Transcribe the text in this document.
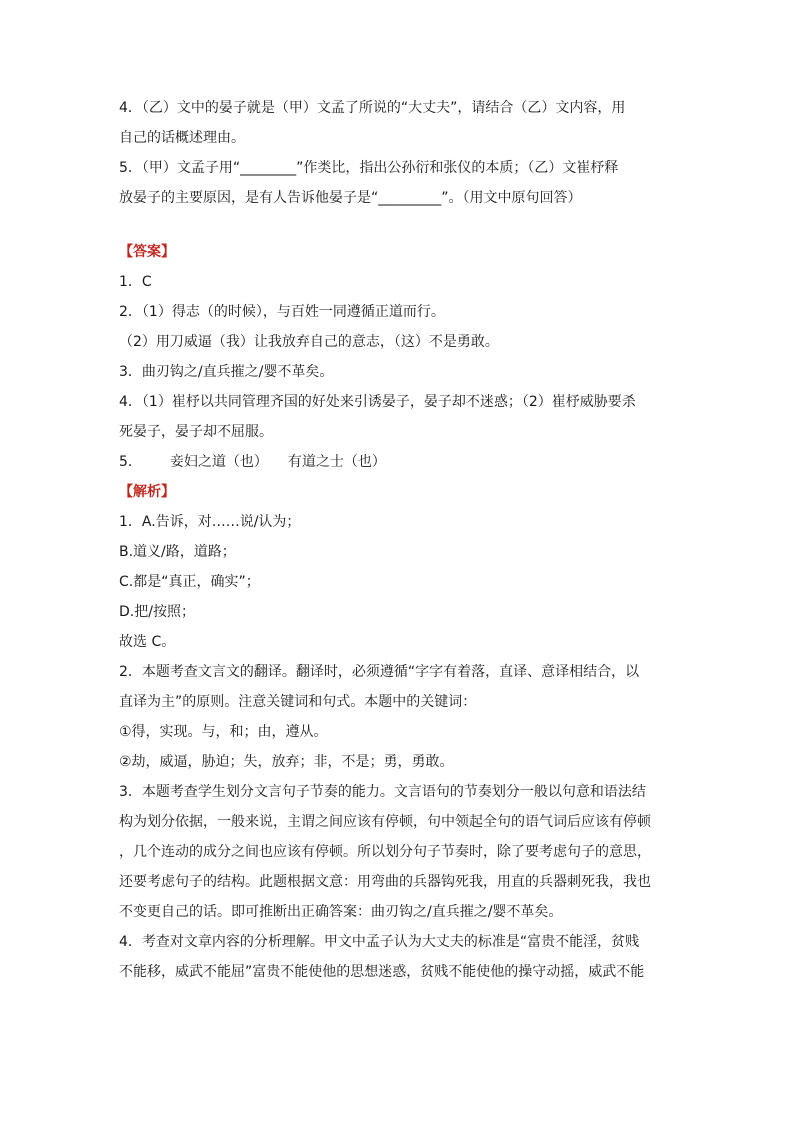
4．（乙）文中的晏子就是（甲）文孟了所说的“大丈夫”，请结合（乙）文内容，用
自己的话概述理由。
5．（甲）文孟子用“________”作类比，指出公孙衍和张仪的本质；（乙）文崔杼释
放晏子的主要原因，是有人告诉他晏子是“_________”。（用文中原句回答）
【答案】
1．C
2．（1）得志（的时候），与百姓一同遵循正道而行。
（2）用刀威逼（我）让我放弃自己的意志，（这）不是勇敢。
3．曲刃钩之/直兵摧之/婴不革矣。
4．（1）崔杼以共同管理齐国的好处来引诱晏子，晏子却不迷惑；（2）崔杼威胁要杀
死晏子，晏子却不屈服。
5． 妾妇之道（也） 有道之士（也）
【解析】
1．A.告诉，对……说/认为；
B.道义/路，道路；
C.都是“真正，确实”；
D.把/按照；
故选 C。
2．本题考查文言文的翻译。翻译时，必须遵循“字字有着落，直译、意译相结合，以
直译为主”的原则。注意关键词和句式。本题中的关键词：
①得，实现。与，和；由，遵从。
②劫，威逼，胁迫；失，放弃；非，不是；勇，勇敢。
3．本题考查学生划分文言句子节奏的能力。文言语句的节奏划分一般以句意和语法结
构为划分依据，一般来说，主谓之间应该有停顿，句中领起全句的语气词后应该有停顿
，几个连动的成分之间也应该有停顿。所以划分句子节奏时，除了要考虑句子的意思，
还要考虑句子的结构。此题根据文意：用弯曲的兵器钩死我，用直的兵器刺死我，我也
不变更自己的话。即可推断出正确答案：曲刃钩之/直兵摧之/婴不革矣。
4．考查对文章内容的分析理解。甲文中孟子认为大丈夫的标准是“富贵不能淫，贫贱
不能移，威武不能屈”富贵不能使他的思想迷惑，贫贱不能使他的操守动摇，威武不能
